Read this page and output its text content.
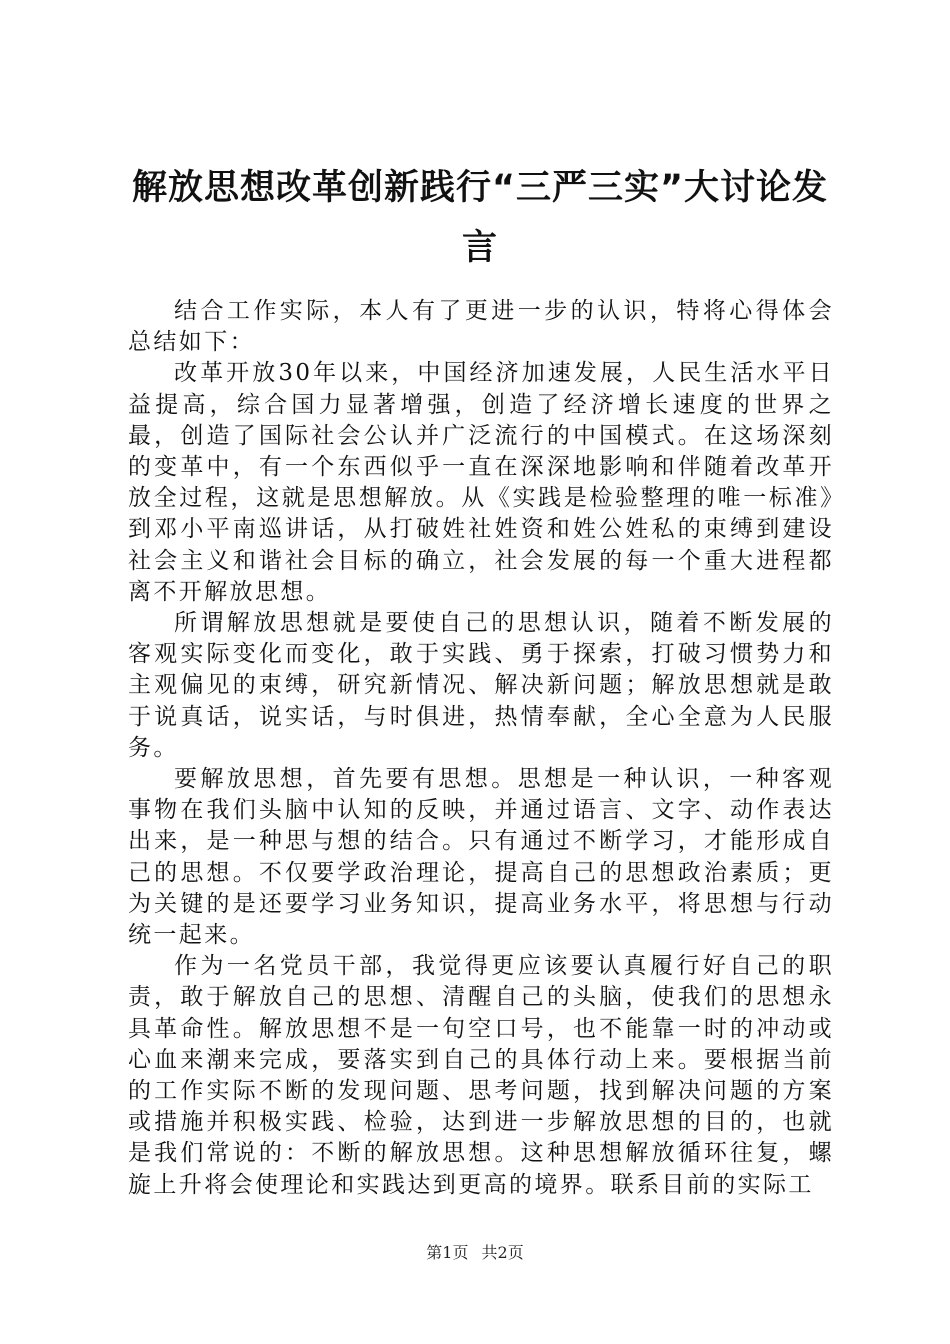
解放思想改革创新践行“三严三实”大讨论发言

结合工作实际，本人有了更进一步的认识，特将心得体会总结如下：

改革开放30年以来，中国经济加速发展，人民生活水平日益提高，综合国力显著增强，创造了经济增长速度的世界之最，创造了国际社会公认并广泛流行的中国模式。在这场深刻的变革中，有一个东西似乎一直在深深地影响和伴随着改革开放全过程，这就是思想解放。从《实践是检验整理的唯一标准》到邓小平南巡讲话，从打破姓社姓资和姓公姓私的束缚到建设社会主义和谐社会目标的确立，社会发展的每一个重大进程都离不开解放思想。

所谓解放思想就是要使自己的思想认识，随着不断发展的客观实际变化而变化，敢于实践、勇于探索，打破习惯势力和主观偏见的束缚，研究新情况、解决新问题；解放思想就是敢于说真话，说实话，与时俱进，热情奉献，全心全意为人民服务。

要解放思想，首先要有思想。思想是一种认识，一种客观事物在我们头脑中认知的反映，并通过语言、文字、动作表达出来，是一种思与想的结合。只有通过不断学习，才能形成自己的思想。不仅要学政治理论，提高自己的思想政治素质；更为关键的是还要学习业务知识，提高业务水平，将思想与行动统一起来。

作为一名党员干部，我觉得更应该要认真履行好自己的职责，敢于解放自己的思想、清醒自己的头脑，使我们的思想永具革命性。解放思想不是一句空口号，也不能靠一时的冲动或心血来潮来完成，要落实到自己的具体行动上来。要根据当前的工作实际不断的发现问题、思考问题，找到解决问题的方案或措施并积极实践、检验，达到进一步解放思想的目的，也就是我们常说的：不断的解放思想。这种思想解放循环往复，螺旋上升将会使理论和实践达到更高的境界。联系目前的实际工

第1页 共2页
